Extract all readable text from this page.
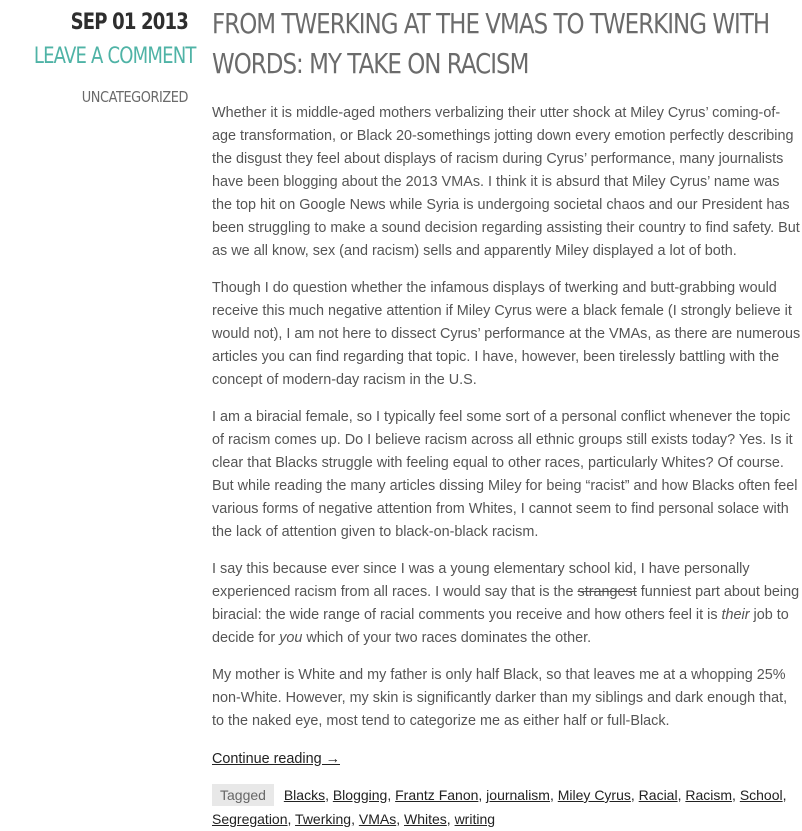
SEP 01 2013
LEAVE A COMMENT
UNCATEGORIZED
FROM TWERKING AT THE VMAS TO TWERKING WITH WORDS: MY TAKE ON RACISM

Whether it is middle-aged mothers verbalizing their utter shock at Miley Cyrus’ coming-of-age transformation, or Black 20-somethings jotting down every emotion perfectly describing the disgust they feel about displays of racism during Cyrus’ performance, many journalists have been blogging about the 2013 VMAs. I think it is absurd that Miley Cyrus’ name was the top hit on Google News while Syria is undergoing societal chaos and our President has been struggling to make a sound decision regarding assisting their country to find safety. But as we all know, sex (and racism) sells and apparently Miley displayed a lot of both.

Though I do question whether the infamous displays of twerking and butt-grabbing would receive this much negative attention if Miley Cyrus were a black female (I strongly believe it would not), I am not here to dissect Cyrus’ performance at the VMAs, as there are numerous articles you can find regarding that topic. I have, however, been tirelessly battling with the concept of modern-day racism in the U.S.

I am a biracial female, so I typically feel some sort of a personal conflict whenever the topic of racism comes up. Do I believe racism across all ethnic groups still exists today? Yes. Is it clear that Blacks struggle with feeling equal to other races, particularly Whites? Of course. But while reading the many articles dissing Miley for being “racist” and how Blacks often feel various forms of negative attention from Whites, I cannot seem to find personal solace with the lack of attention given to black-on-black racism.

I say this because ever since I was a young elementary school kid, I have personally experienced racism from all races. I would say that is the strangest funniest part about being biracial: the wide range of racial comments you receive and how others feel it is their job to decide for you which of your two races dominates the other.

My mother is White and my father is only half Black, so that leaves me at a whopping 25% non-White. However, my skin is significantly darker than my siblings and dark enough that, to the naked eye, most tend to categorize me as either half or full-Black.

Continue reading →
Tagged Blacks, Blogging, Frantz Fanon, journalism, Miley Cyrus, Racial, Racism, School, Segregation, Twerking, VMAs, Whites, writing
